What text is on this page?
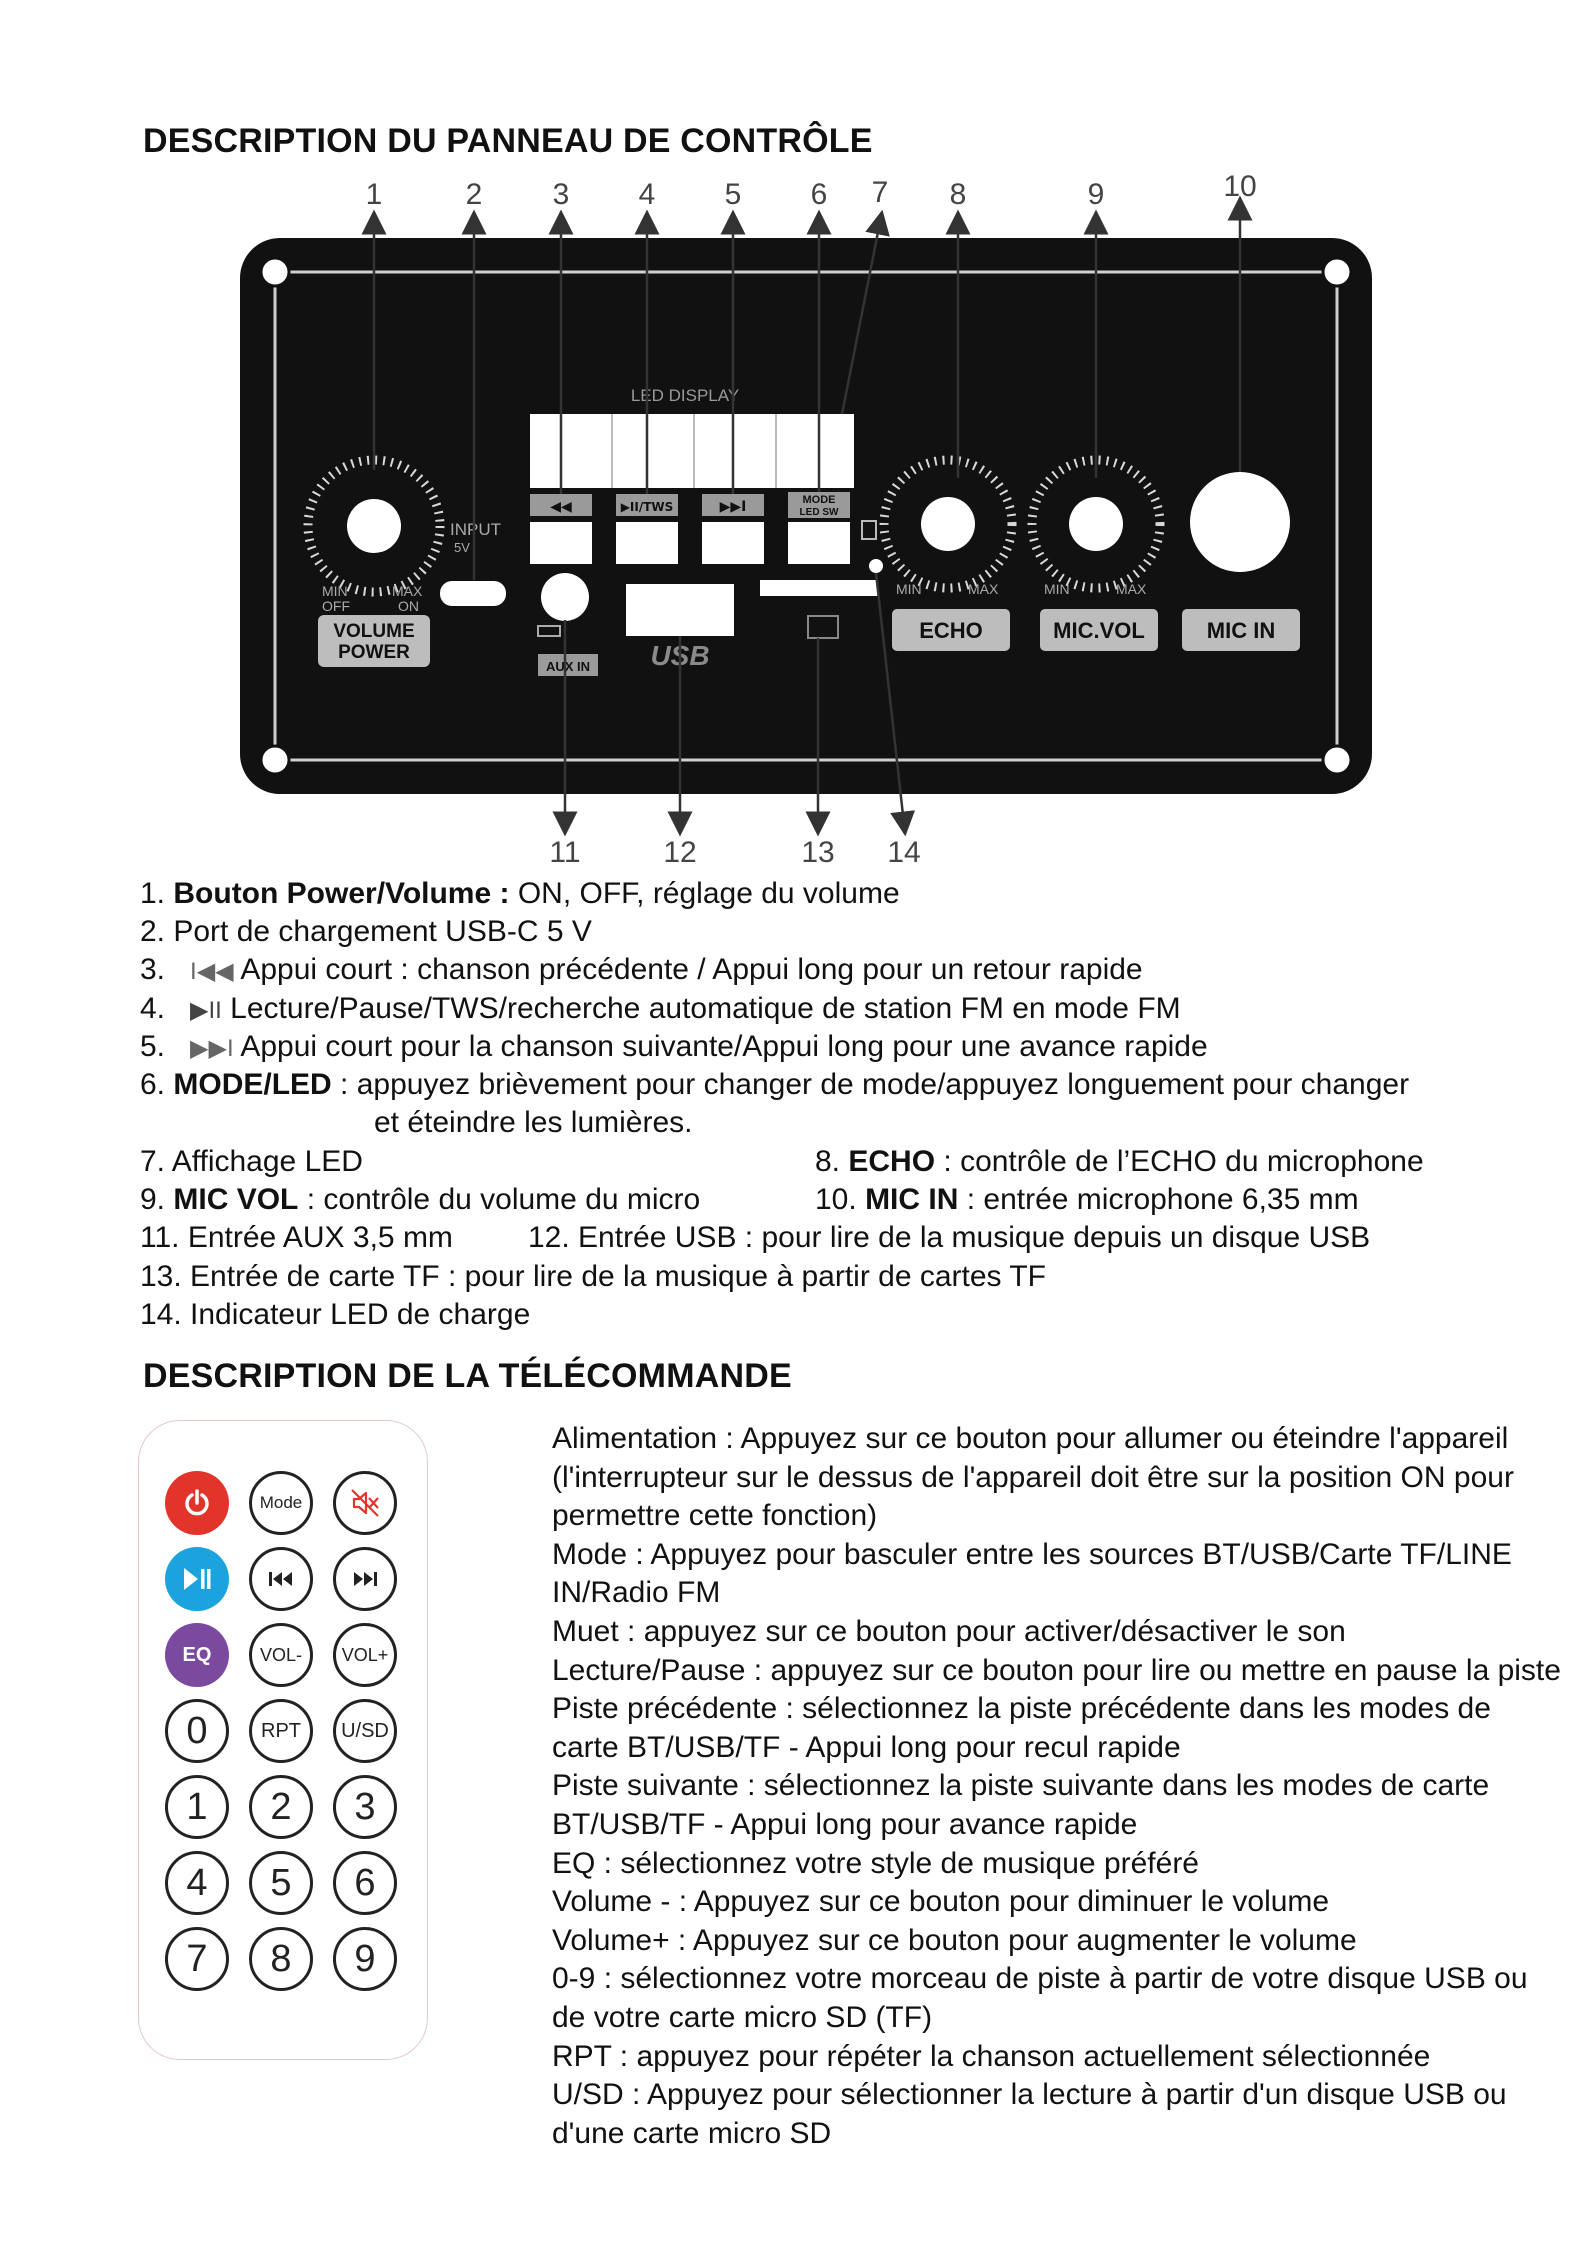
DESCRIPTION DU PANNEAU DE CONTRÔLE
LED DISPLAY
MIN
OFF
MAX
ON
VOLUME
POWER
INPUT
5V
◀◀	▶II/TWS	▶▶I	MODE
LED SW
AUX IN USB
MIN	MAX
ECHO
MIN	MAX
MIC.VOL	MIC IN
1	2	3	4	5	6	7	8	9	10
11	12	13 14
1. Bouton Power/Volume : ON, OFF, réglage du volume
2. Port de chargement USB-C 5 V
3. I◀◀ Appui court : chanson précédente / Appui long pour un retour rapide
4. ▶II Lecture/Pause/TWS/recherche automatique de station FM en mode FM
5. ▶▶I Appui court pour la chanson suivante/Appui long pour une avance rapide
6. MODE/LED : appuyez brièvement pour changer de mode/appuyez longuement pour changer
et éteindre les lumières.
7. Affichage LED	8. ECHO : contrôle de l’ECHO du microphone
9. MIC VOL : contrôle du volume du micro	10. MIC IN : entrée microphone 6,35 mm
11. Entrée AUX 3,5 mm	12. Entrée USB : pour lire de la musique depuis un disque USB
13. Entrée de carte TF : pour lire de la musique à partir de cartes TF
14. Indicateur LED de charge
DESCRIPTION DE LA TÉLÉCOMMANDE
Mode
EQ	VOL-	VOL+
0	RPT	U/SD
1	2	3
4	5	6
7	8	9

Alimentation : Appuyez sur ce bouton pour allumer ou éteindre l'appareil (l'interrupteur sur le dessus de l'appareil doit être sur la position ON pour permettre cette fonction)

Mode : Appuyez pour basculer entre les sources BT/USB/Carte TF/LINE IN/Radio FM

Muet : appuyez sur ce bouton pour activer/désactiver le son

Lecture/Pause : appuyez sur ce bouton pour lire ou mettre en pause la piste

Piste précédente : sélectionnez la piste précédente dans les modes de carte BT/USB/TF - Appui long pour recul rapide

Piste suivante : sélectionnez la piste suivante dans les modes de carte BT/USB/TF - Appui long pour avance rapide

EQ : sélectionnez votre style de musique préféré

Volume - : Appuyez sur ce bouton pour diminuer le volume

Volume+ : Appuyez sur ce bouton pour augmenter le volume

0-9 : sélectionnez votre morceau de piste à partir de votre disque USB ou de votre carte micro SD (TF)

RPT : appuyez pour répéter la chanson actuellement sélectionnée

U/SD : Appuyez pour sélectionner la lecture à partir d'un disque USB ou d'une carte micro SD
